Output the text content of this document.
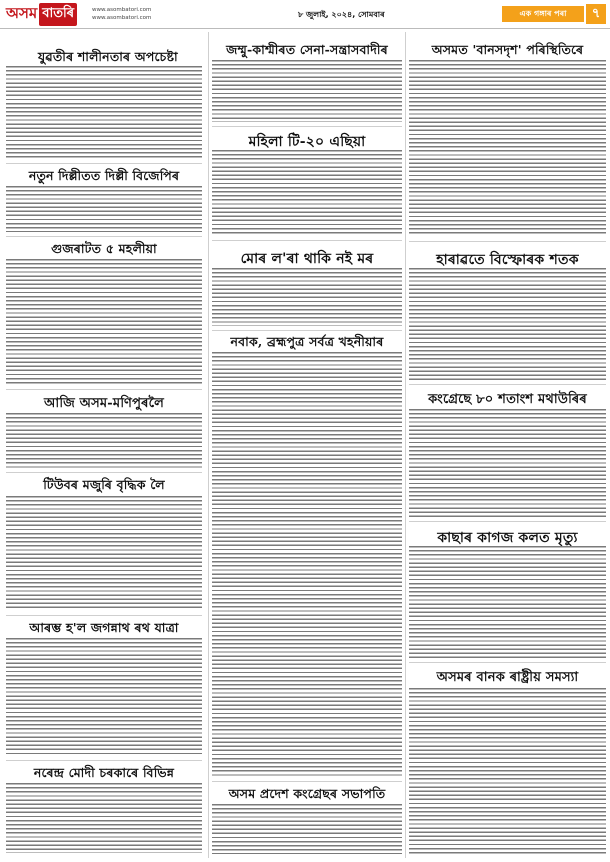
অসম বাতৰি	www.asombatori.com
www.asombatori.com	৮ জুলাই, ২০২৪, সোমবাৰ	এক গঙ্গাৰ পৰা	৭
যুৱতীৰ শালীনতাৰ অপচেষ্টা
নতুন দিল্লীতত দিল্লী বিজেপিৰ
গুজৰাটত ৫ মহলীয়া
আজি অসম-মণিপুৰলৈ
টিউবৰ মজুৰি বৃদ্ধিক লৈ
আৰম্ভ হ'ল জগন্নাথ ৰথ যাত্ৰা
নৰেন্দ্ৰ মোদী চৰকাৰে বিভিন্ন
জম্মু-কাশ্মীৰত সেনা-সন্ত্ৰাসবাদীৰ
মহিলা টি-২০ এছিয়া
মোৰ ল'ৰা থাকি নই মৰ
নবাক, ব্ৰহ্মপুত্ৰ সৰ্বত্ৰ খহনীয়াৰ
অসম প্ৰদেশ কংগ্ৰেছৰ সভাপতি
অসমত 'বানসদৃশ' পৰিস্থিতিৰে
হাৰাৱতে বিস্ফোৰক শতক
কংগ্ৰেছে ৮০ শতাংশ মথাউৰিৰ
কাছাৰ কাগজ কলত মৃত্যু
অসমৰ বানক ৰাষ্ট্ৰীয় সমস্যা
